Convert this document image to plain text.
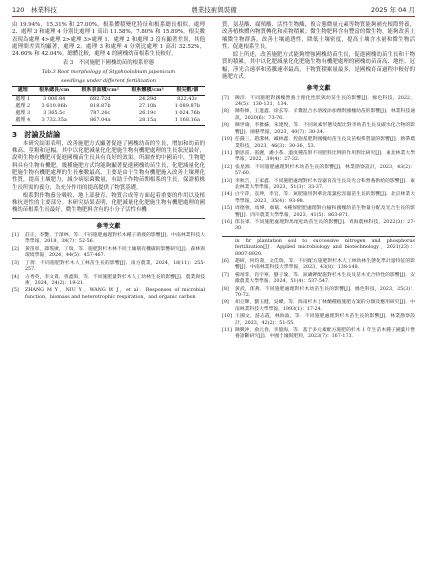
120　林業科技	農業技術與裝備	2025 年 04 月

由 19.94%，15.31% 和 27.00%。根系體積變化特征和根系總長相似，處理 2、處理 3 和處理 4 分別比處理 1 高出 11.58%，7.80% 和 15.89%。根尖數表現為處理 4>處理 2>處理 3>處理 1，處理 2 和處理 3 沒有顯著差異，其他處理間差異均顯著，處理 2、處理 3 和處理 4 分別比處理 1 高出 32.52%，24.60% 和 42.04%。總體比較，處理 4 的國槐幼苗根系生長較好。

表 3　不同施肥下國槐幼苗的根系形態
Tab.3 Root morphology of Styphnolobium japonicum
seedlings under different fertilization
處理	根系總長/cm	根系表面積/cm²	根系體積/cm³	根尖數/個
處理 1	3 006.84	682.72d	24.29d	822.43c
處理 2	3 610.96b	818.87b	27.10b	1 089.87b
處理 3	3 365.5c	787.26c	26.19c	1 024.76b
處理 4	3 732.35a	867.04a	28.15a	1 168.16a
3　討論及結論

本研究結果表明，改善施肥方式顯著促進了國槐幼苗的生長，增加和幼苗的株高、莖粗和冠幅，其中以化肥減量化化肥施生物有機肥處理的生長狀況最好，說明生物有機肥可促進國槐苗生長具有良好的效果。所調查的中國苗中，生物肥料具有生物有機肥，幾種施肥方式均能夠顯著促進國槐幼苗生長，化肥減量化化肥施生物有機肥處理的生長參數最高，主要是由于生物有機肥施入改善土壤理化性質，提高土壤肥力，減少病原菌數量，有助于作物苗期根系的生長，保證植株生長所需的養分，為充分作用的提高提供了物質基礎。

根系對作物養分吸收、地上部發育、物質合成等方面起着重要的作用以及植株抗逆性的主要部分。本研究結果表明，化肥減量化化肥施生物有機肥處理的國槐幼苗根系生長最好，微生物肥料含有的小分子活性有機

參考文獻
[1]	莊正，李艷，于澤林，等．不同施肥處理對杉木種子萌發的影響[J]．中南林業科技大學學報，2018，38(7)：52-56.
[2]	黃笛軍，譚瑤廣，丁瑞，等．施肥對杉木林不同土壤層有機碳的影響研究[J]．森林與環境學報，2024，44(5)：457-467.
[3]	丁倩．不同施肥對杉木人工林苗生長的影響[J]．南方農業，2024，18(11)：255-257.
[4]	占秀英，李文貴，曾鑫海，等．不同施肥量對杉木人工幼林生長的影響[J]．農業與技術，2024，24(2)：19-21.
[5]	ZHANG M Y，NIU Y，WANG W J，et al．Responses of microbial function，biomass and heterotrophic respiration，and organic carbon

質，氨基酸、腐殖酸、活性生物酶，復合態微量元素等物質能夠補充根際營養，改善植株體內物質轉化和產物積累；微生物肥料含有豐富的微生物，能夠改善土壤微生物群落，改善土壤通透性，降低土壤密度，提高土壤含水量和微生物活性，促進根系生長。

綜上所述，改善施肥方式能夠增強國槐幼苗生長，促進國槐幼苗生長和干物質的積累，其中以化肥減量化化肥施生物有機肥處理的國槐幼苗苗高、地徑、冠幅，凈光合速率和蒸騰速率最高，干物質積累量最多，是國槐育苗過程中較好的施肥方式。

參考文獻
[7]	陳洋．不同施肥對國槐營養土理化性狀與幼苗生長的影響[J]．綠色科技，2022，24(5)：130-131，134.
[8]	陳科韓，王進鑫．徐玄等．羊糞混合水溶液添加劑對國槐幼苗的影響[J]．林業科技通訊，2020(6)：73-76.
[9]	陳世瑜，李雅蘇，朱建悅，等．不同氮素形態及配比對李幼苗生長及碳水化合物的影響[J]．園藝學報，2023，40(7)：30-34.
[10] 任錢三，趙潔林，臧林鑫．控施基肥對國槐幼苗生長及苗根系質量的影響[J]．熱帶農業科技，2023，46(3)：30-36，53.
[11] 劉思雷，張麗，潘小茶．溫度種苗對不同肥料比例的作用對比研究[J]．東北林業大學學報，2022，39(4)：27-32.
[12] 張星源．不同施肥處理對杉木幼苗生長的影響[J]．林業勘察設計，2023，43(2)：57-60.
[13] 李秋吉，王家鑫．不同施肥處理對杉木容器育苗生長及光合和營養供給的影響[J]．東北林業大學學報，2023，51(3)：33-37.
[14] 白宇萍，袁坤，李宜，等．氮肥施用對華北落葉松容器苗生長的影響[J]．北京林業大學學報，2023，35(4)：93-98.
[15] 周德強，馬燁，康斌．4種保肥肥處理對白榆和國槐幼苗生物量分配及光合生長的影響[J]．四川農業大學學報，2023，41(5)：863-871.
[16] 郎長軍．不同施肥處理對馬尾松幼苗生長的影響[J]．青海農林科技，2022(3)：27-30.
in fir plantation soil to successive nitrogen and phosphorus fertilization[J]．Applied microbiology and biotechnology，2021(23)：8907-8920.
[6]	趙研，何均壽，文佳瑞，等．不同配方施肥對杉木人工林幼林生態化學計量特征的影響[J]．中南林業科技大學學報，2023，43(8)：138-148.
[7]	楊靖菲，肖宇寧，劉子瑜，等．氮磷鉀配施對杉木生長及苗木光合特性的影響[J]．安徽農業大學學報，2024，51(4)：537-547.
[8]	黃武，郎燕．不同施肥處理對杉木幼苗生長的影響[J]．綠色科技，2023，25(3)：70-72.
[9]	胡豆輝，劉玉健，吳嶸，等．海南杉木丁林蘭種植施肥方案的分類及應用研究[J]．中南林業科技大學學報，1993(1)：17-24.
[10] 王國文，游志霞，林海波，等．不同施肥處理對杉木苗生長的影響[J]．林業勘察設計，2023，42(2)：51-55.
[11] 陳興沖，俞元春，李億海，等．基于多元素配方施肥的杉木 1 年生苗木種子園葉片營養診斷研究[J]．中國土壤與肥料，2023(7)：167-173.
